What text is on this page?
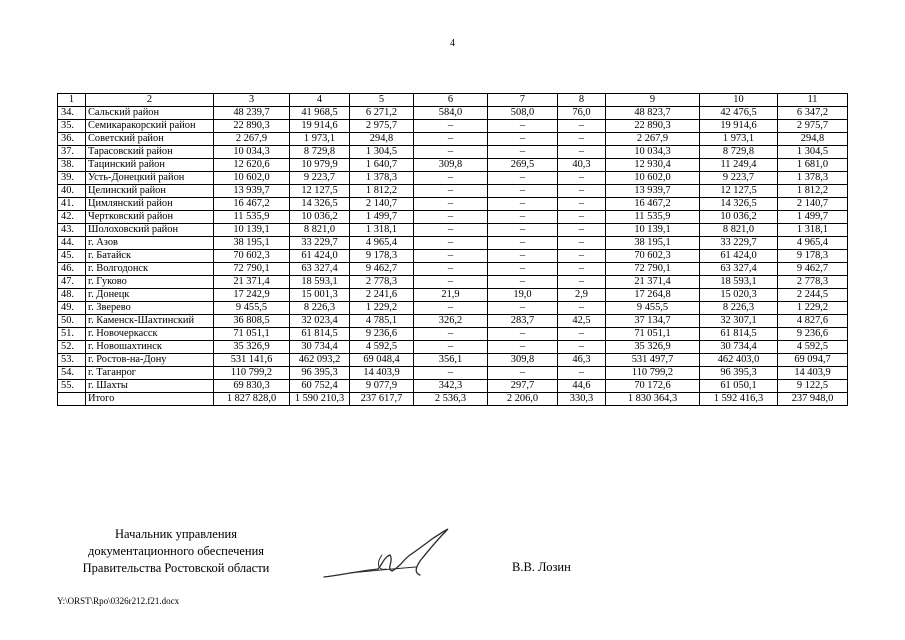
4
1	2	3	4	5	6	7	8	9	10	11
34.	Сальский район	48 239,7	41 968,5	6 271,2	584,0	508,0	76,0	48 823,7	42 476,5	6 347,2
35.	Семикаракорский район	22 890,3	19 914,6	2 975,7	–	–	–	22 890,3	19 914,6	2 975,7
36.	Советский район	2 267,9	1 973,1	294,8	–	–	–	2 267,9	1 973,1	294,8
37.	Тарасовский район	10 034,3	8 729,8	1 304,5	–	–	–	10 034,3	8 729,8	1 304,5
38.	Тацинский район	12 620,6	10 979,9	1 640,7	309,8	269,5	40,3	12 930,4	11 249,4	1 681,0
39.	Усть-Донецкий район	10 602,0	9 223,7	1 378,3	–	–	–	10 602,0	9 223,7	1 378,3
40.	Целинский район	13 939,7	12 127,5	1 812,2	–	–	–	13 939,7	12 127,5	1 812,2
41.	Цимлянский район	16 467,2	14 326,5	2 140,7	–	–	–	16 467,2	14 326,5	2 140,7
42.	Чертковский район	11 535,9	10 036,2	1 499,7	–	–	–	11 535,9	10 036,2	1 499,7
43.	Шолоховский район	10 139,1	8 821,0	1 318,1	–	–	–	10 139,1	8 821,0	1 318,1
44.	г. Азов	38 195,1	33 229,7	4 965,4	–	–	–	38 195,1	33 229,7	4 965,4
45.	г. Батайск	70 602,3	61 424,0	9 178,3	–	–	–	70 602,3	61 424,0	9 178,3
46.	г. Волгодонск	72 790,1	63 327,4	9 462,7	–	–	–	72 790,1	63 327,4	9 462,7
47.	г. Гуково	21 371,4	18 593,1	2 778,3	–	–	–	21 371,4	18 593,1	2 778,3
48.	г. Донецк	17 242,9	15 001,3	2 241,6	21,9	19,0	2,9	17 264,8	15 020,3	2 244,5
49.	г. Зверево	9 455,5	8 226,3	1 229,2	–	–	–	9 455,5	8 226,3	1 229,2
50.	г. Каменск-Шахтинский	36 808,5	32 023,4	4 785,1	326,2	283,7	42,5	37 134,7	32 307,1	4 827,6
51.	г. Новочеркасск	71 051,1	61 814,5	9 236,6	–	–	–	71 051,1	61 814,5	9 236,6
52.	г. Новошахтинск	35 326,9	30 734,4	4 592,5	–	–	–	35 326,9	30 734,4	4 592,5
53.	г. Ростов-на-Дону	531 141,6	462 093,2	69 048,4	356,1	309,8	46,3	531 497,7	462 403,0	69 094,7
54.	г. Таганрог	110 799,2	96 395,3	14 403,9	–	–	–	110 799,2	96 395,3	14 403,9
55.	г. Шахты	69 830,3	60 752,4	9 077,9	342,3	297,7	44,6	70 172,6	61 050,1	9 122,5
	Итого	1 827 828,0	1 590 210,3	237 617,7	2 536,3	2 206,0	330,3	1 830 364,3	1 592 416,3	237 948,0
Начальник управления
документационного обеспечения
Правительства Ростовской области	В.В. Лозин
Y:\ORST\Rpo\0326r212.f21.docx
